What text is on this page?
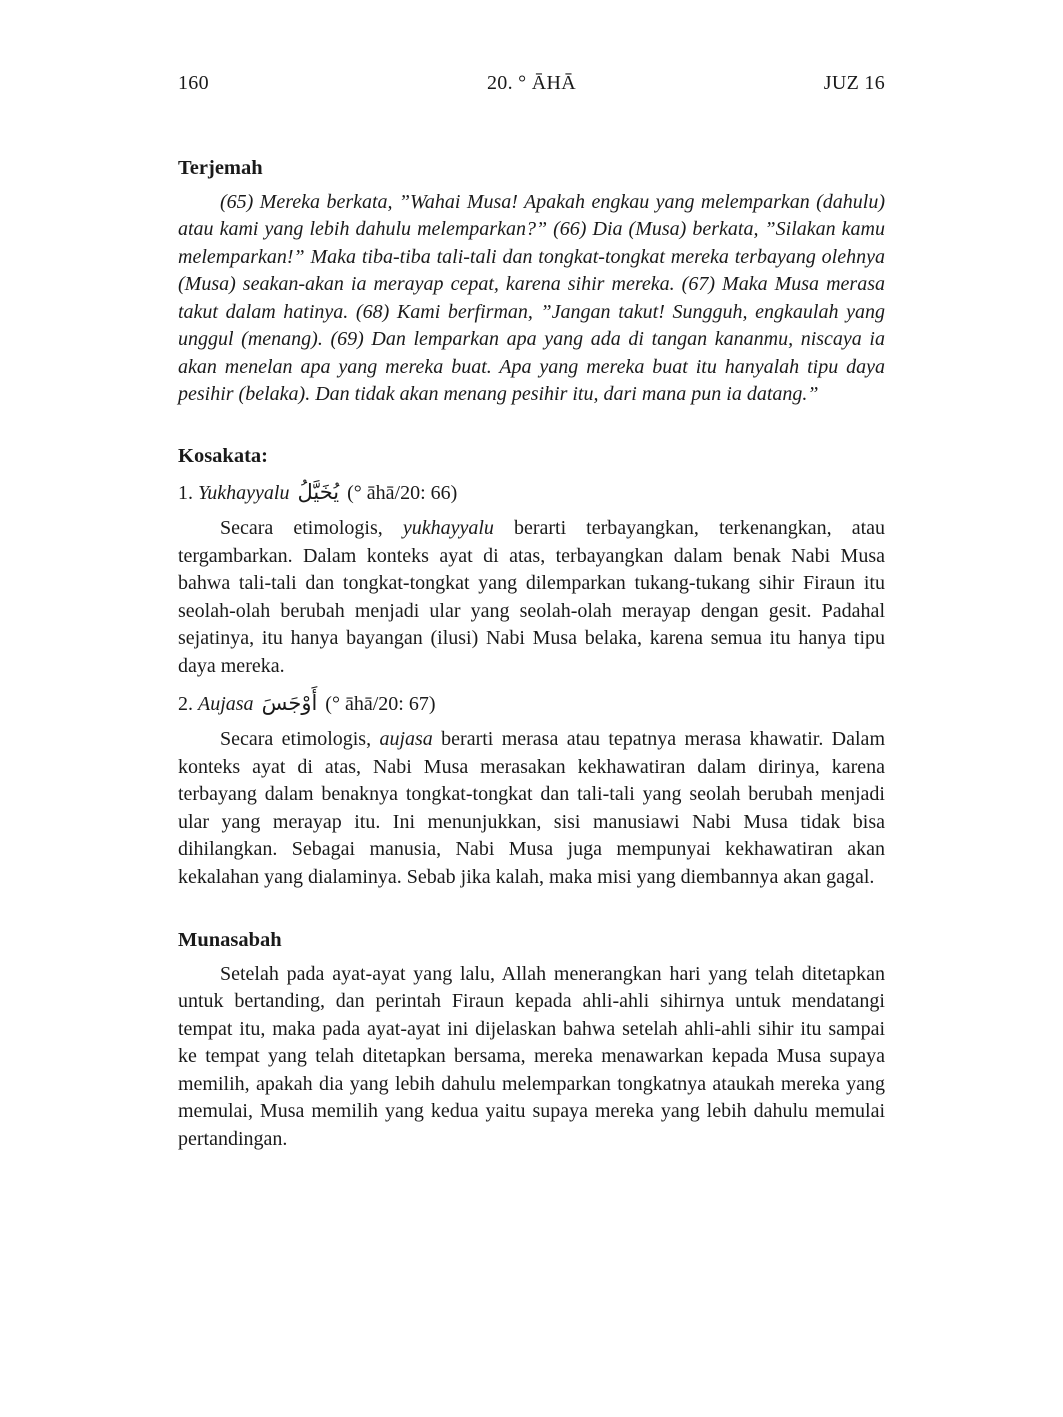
160	20. ° ĀHĀ	JUZ 16
Terjemah

(65) Mereka berkata, ”Wahai Musa! Apakah engkau yang melemparkan (dahulu) atau kami yang lebih dahulu melemparkan?” (66) Dia (Musa) berkata, ”Silakan kamu melemparkan!” Maka tiba-tiba tali-tali dan tongkat-tongkat mereka terbayang olehnya (Musa) seakan-akan ia merayap cepat, karena sihir mereka. (67) Maka Musa merasa takut dalam hatinya. (68) Kami berfirman, ”Jangan takut! Sungguh, engkaulah yang unggul (menang). (69) Dan lemparkan apa yang ada di tangan kananmu, niscaya ia akan menelan apa yang mereka buat. Apa yang mereka buat itu hanyalah tipu daya pesihir (belaka). Dan tidak akan menang pesihir itu, dari mana pun ia datang.”

Kosakata:

1. Yukhayyalu يُخَيَّلُ (° āhā/20: 66)

Secara etimologis, yukhayyalu berarti terbayangkan, terkenangkan, atau tergambarkan. Dalam konteks ayat di atas, terbayangkan dalam benak Nabi Musa bahwa tali-tali dan tongkat-tongkat yang dilemparkan tukang-tukang sihir Firaun itu seolah-olah berubah menjadi ular yang seolah-olah merayap dengan gesit. Padahal sejatinya, itu hanya bayangan (ilusi) Nabi Musa belaka, karena semua itu hanya tipu daya mereka.

2. Aujasa أَوْجَسَ (° āhā/20: 67)

Secara etimologis, aujasa berarti merasa atau tepatnya merasa khawatir. Dalam konteks ayat di atas, Nabi Musa merasakan kekhawatiran dalam dirinya, karena terbayang dalam benaknya tongkat-tongkat dan tali-tali yang seolah berubah menjadi ular yang merayap itu. Ini menunjukkan, sisi manusiawi Nabi Musa tidak bisa dihilangkan. Sebagai manusia, Nabi Musa juga mempunyai kekhawatiran akan kekalahan yang dialaminya. Sebab jika kalah, maka misi yang diembannya akan gagal.

Munasabah

Setelah pada ayat-ayat yang lalu, Allah menerangkan hari yang telah ditetapkan untuk bertanding, dan perintah Firaun kepada ahli-ahli sihirnya untuk mendatangi tempat itu, maka pada ayat-ayat ini dijelaskan bahwa setelah ahli-ahli sihir itu sampai ke tempat yang telah ditetapkan bersama, mereka menawarkan kepada Musa supaya memilih, apakah dia yang lebih dahulu melemparkan tongkatnya ataukah mereka yang memulai, Musa memilih yang kedua yaitu supaya mereka yang lebih dahulu memulai pertandingan.
